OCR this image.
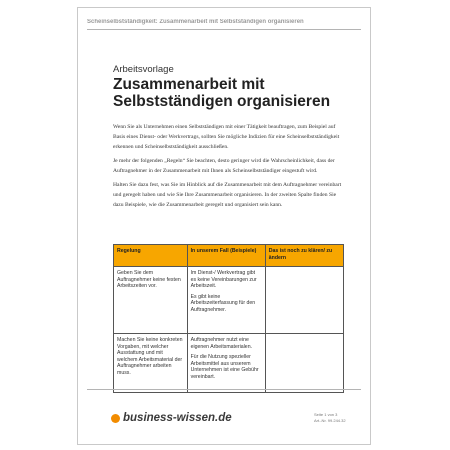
Scheinselbstständigkeit: Zusammenarbeit mit Selbstständigen organisieren
Arbeitsvorlage
Zusammenarbeit mit
Selbstständigen organisieren

Wenn Sie als Unternehmen einen Selbstständigen mit einer Tätigkeit beauftragen, zum Beispiel auf Basis eines Dienst- oder Werkvertrags, sollten Sie mögliche Indizien für eine Scheinselbstständigkeit erkennen und Scheinselbstständigkeit ausschließen.

Je mehr der folgenden „Regeln“ Sie beachten, desto geringer wird die Wahrscheinlichkeit, dass der Auftragnehmer in der Zusammenarbeit mit Ihnen als Scheinselbstständiger eingestuft wird.

Halten Sie dazu fest, was Sie im Hinblick auf die Zusammenarbeit mit dem Auftragnehmer vereinbart und geregelt haben und wie Sie Ihre Zusammenarbeit organisieren. In der zweiten Spalte finden Sie dazu Beispiele, wie die Zusammenarbeit geregelt und organisiert sein kann.

Regelung	In unserem Fall (Beispiele)	Das ist noch zu klären/ zu ändern
Geben Sie dem Auftragnehmer keine festen Arbeitszeiten vor.	Im Dienst-/ Werkvertrag gibt es keine Vereinbarungen zur Arbeitszeit.

Es gibt keine Arbeitszeiterfassung für den Auftragnehmer.	

Machen Sie keine konkreten Vorgaben, mit welcher Ausstattung und mit welchem Arbeitsmaterial der Auftragnehmer arbeiten muss.	Auftragnehmer nutzt eine eigenen Arbeitsmaterialen.

Für die Nutzung spezieller Arbeitsmittel aus unserem Unternehmen ist eine Gebühr vereinbart.	

business-wissen.de	Seite 1 von 3
Art.-Nr. 99.244.32
